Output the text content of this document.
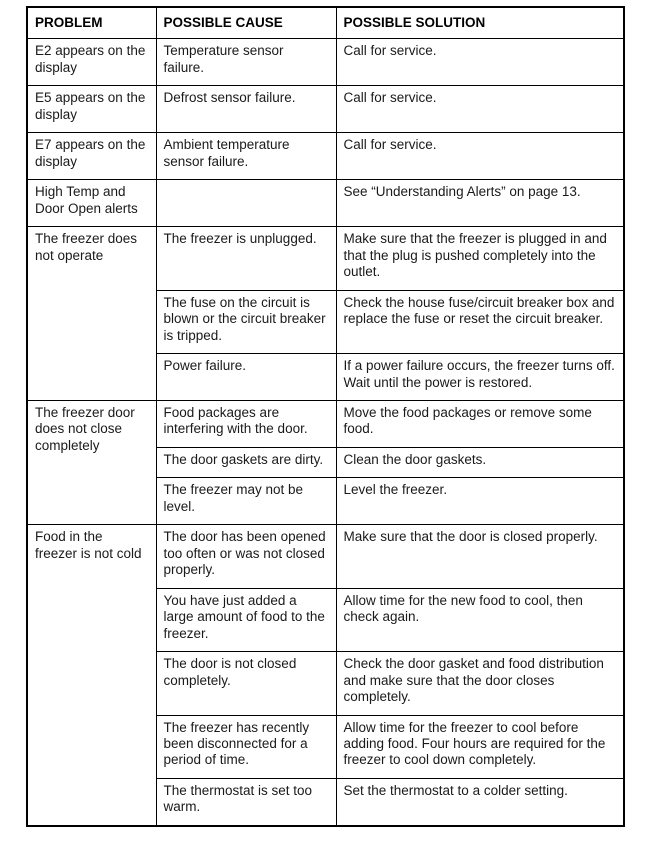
PROBLEM	POSSIBLE CAUSE	POSSIBLE SOLUTION
E2 appears on the display	Temperature sensor failure.	Call for service.
E5 appears on the display	Defrost sensor failure.	Call for service.
E7 appears on the display	Ambient temperature sensor failure.	Call for service.
High Temp and Door Open alerts		See “Understanding Alerts” on page 13.
The freezer does not operate	The freezer is unplugged.	Make sure that the freezer is plugged in and that the plug is pushed completely into the outlet.
	The fuse on the circuit is blown or the circuit breaker is tripped.	Check the house fuse/circuit breaker box and replace the fuse or reset the circuit breaker.
	Power failure.	If a power failure occurs, the freezer turns off. Wait until the power is restored.
The freezer door does not close completely	Food packages are interfering with the door.	Move the food packages or remove some food.
	The door gaskets are dirty.	Clean the door gaskets.
	The freezer may not be level.	Level the freezer.
Food in the freezer is not cold	The door has been opened too often or was not closed properly.	Make sure that the door is closed properly.
	You have just added a large amount of food to the freezer.	Allow time for the new food to cool, then check again.
	The door is not closed completely.	Check the door gasket and food distribution and make sure that the door closes completely.
	The freezer has recently been disconnected for a period of time.	Allow time for the freezer to cool before adding food. Four hours are required for the freezer to cool down completely.
	The thermostat is set too warm.	Set the thermostat to a colder setting.
